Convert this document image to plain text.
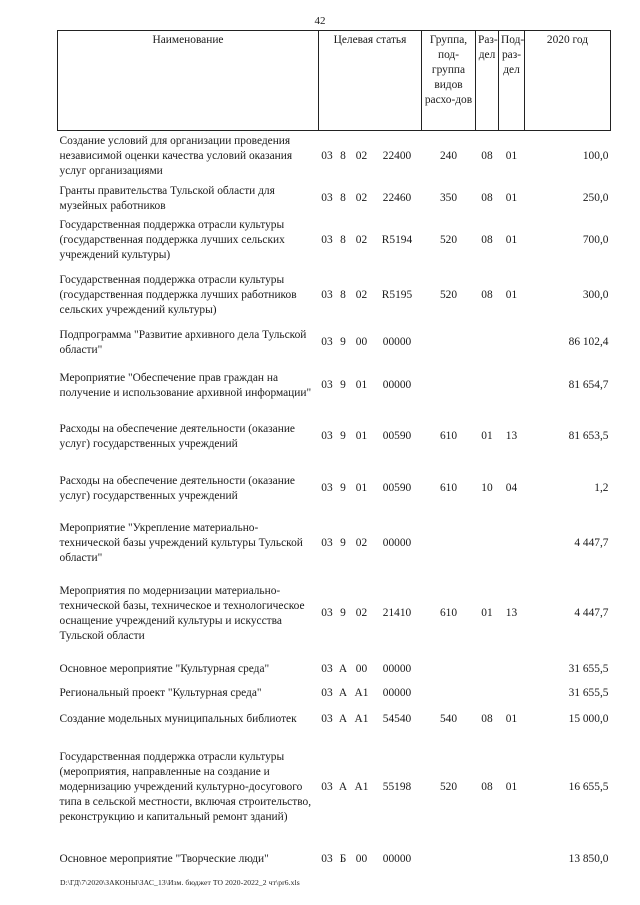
42
Наименование	Целевая статья				Группа, под-группа видов расхо-дов	Раз-дел	Под-раз-дел	2020 год
Создание условий для организации проведения независимой оценки качества условий оказания услуг организациями	03	8	02	22400	240	08	01	100,0
Гранты правительства Тульской области для музейных работников	03	8	02	22460	350	08	01	250,0
Государственная поддержка отрасли культуры (государственная поддержка лучших сельских учреждений культуры)	03	8	02	R5194	520	08	01	700,0
Государственная поддержка отрасли культуры (государственная поддержка лучших работников сельских учреждений культуры)	03	8	02	R5195	520	08	01	300,0
Подпрограмма "Развитие архивного дела Тульской области"	03	9	00	00000				86 102,4
Мероприятие "Обеспечение прав граждан на получение и использование архивной информации"	03	9	01	00000				81 654,7
Расходы на обеспечение деятельности (оказание услуг) государственных учреждений	03	9	01	00590	610	01	13	81 653,5
Расходы на обеспечение деятельности (оказание услуг) государственных учреждений	03	9	01	00590	610	10	04	1,2
Мероприятие "Укрепление материально-технической базы учреждений культуры Тульской области"	03	9	02	00000				4 447,7
Мероприятия по модернизации материально-технической базы, техническое и технологическое оснащение учреждений культуры и искусства Тульской области	03	9	02	21410	610	01	13	4 447,7
Основное мероприятие "Культурная среда"	03	А	00	00000				31 655,5
Региональный проект "Культурная среда"	03	А	А1	00000				31 655,5
Создание модельных муниципальных библиотек	03	А	А1	54540	540	08	01	15 000,0
Государственная поддержка отрасли культуры (мероприятия, направленные на создание и модернизацию учреждений культурно-досугового типа в сельской местности, включая строительство, реконструкцию и капитальный ремонт зданий)	03	А	А1	55198	520	08	01	16 655,5
Основное мероприятие "Творческие люди"	03	Б	00	00000				13 850,0
D:\ГД\7\2020\ЗАКОНЫ\ЗАС_13\Изм. бюджет ТО 2020-2022_2 чт\pr6.xls
